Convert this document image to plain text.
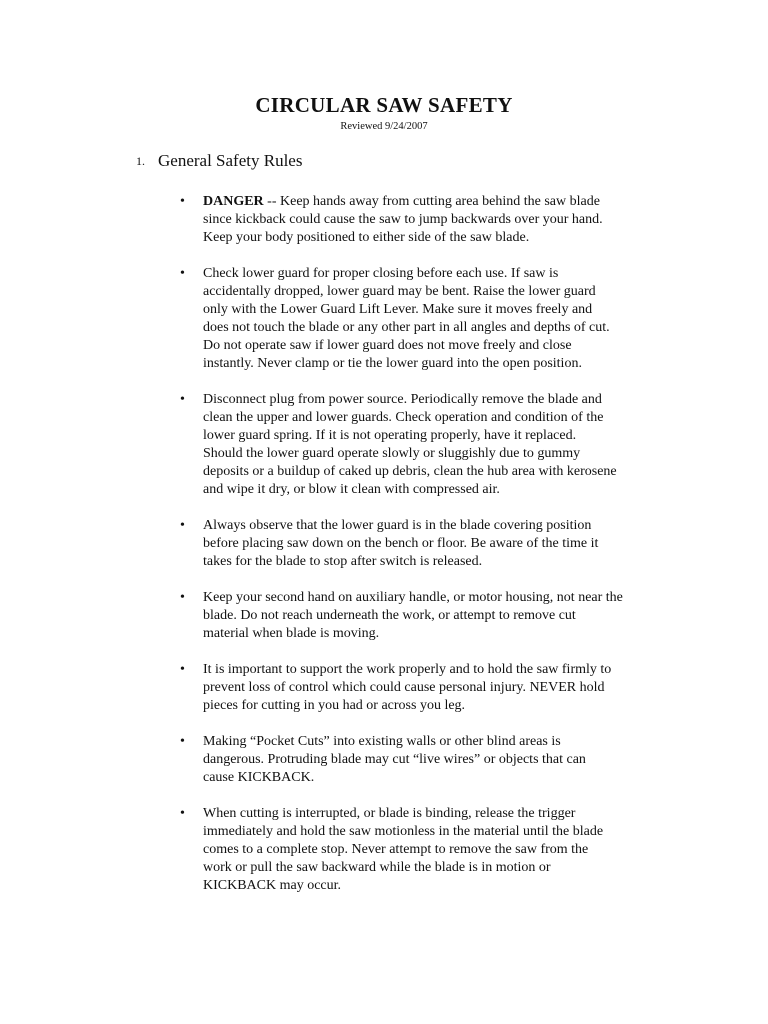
CIRCULAR SAW SAFETY
Reviewed 9/24/2007
1. General Safety Rules
• DANGER -- Keep hands away from cutting area behind the saw blade
since kickback could cause the saw to jump backwards over your hand.
Keep your body positioned to either side of the saw blade.
• Check lower guard for proper closing before each use. If saw is
accidentally dropped, lower guard may be bent. Raise the lower guard
only with the Lower Guard Lift Lever. Make sure it moves freely and
does not touch the blade or any other part in all angles and depths of cut.
Do not operate saw if lower guard does not move freely and close
instantly. Never clamp or tie the lower guard into the open position.
• Disconnect plug from power source. Periodically remove the blade and
clean the upper and lower guards. Check operation and condition of the
lower guard spring. If it is not operating properly, have it replaced.
Should the lower guard operate slowly or sluggishly due to gummy
deposits or a buildup of caked up debris, clean the hub area with kerosene
and wipe it dry, or blow it clean with compressed air.
• Always observe that the lower guard is in the blade covering position
before placing saw down on the bench or floor. Be aware of the time it
takes for the blade to stop after switch is released.
• Keep your second hand on auxiliary handle, or motor housing, not near the
blade. Do not reach underneath the work, or attempt to remove cut
material when blade is moving.
• It is important to support the work properly and to hold the saw firmly to
prevent loss of control which could cause personal injury. NEVER hold
pieces for cutting in you had or across you leg.
• Making “Pocket Cuts” into existing walls or other blind areas is
dangerous. Protruding blade may cut “live wires” or objects that can
cause KICKBACK.
• When cutting is interrupted, or blade is binding, release the trigger
immediately and hold the saw motionless in the material until the blade
comes to a complete stop. Never attempt to remove the saw from the
work or pull the saw backward while the blade is in motion or
KICKBACK may occur.
